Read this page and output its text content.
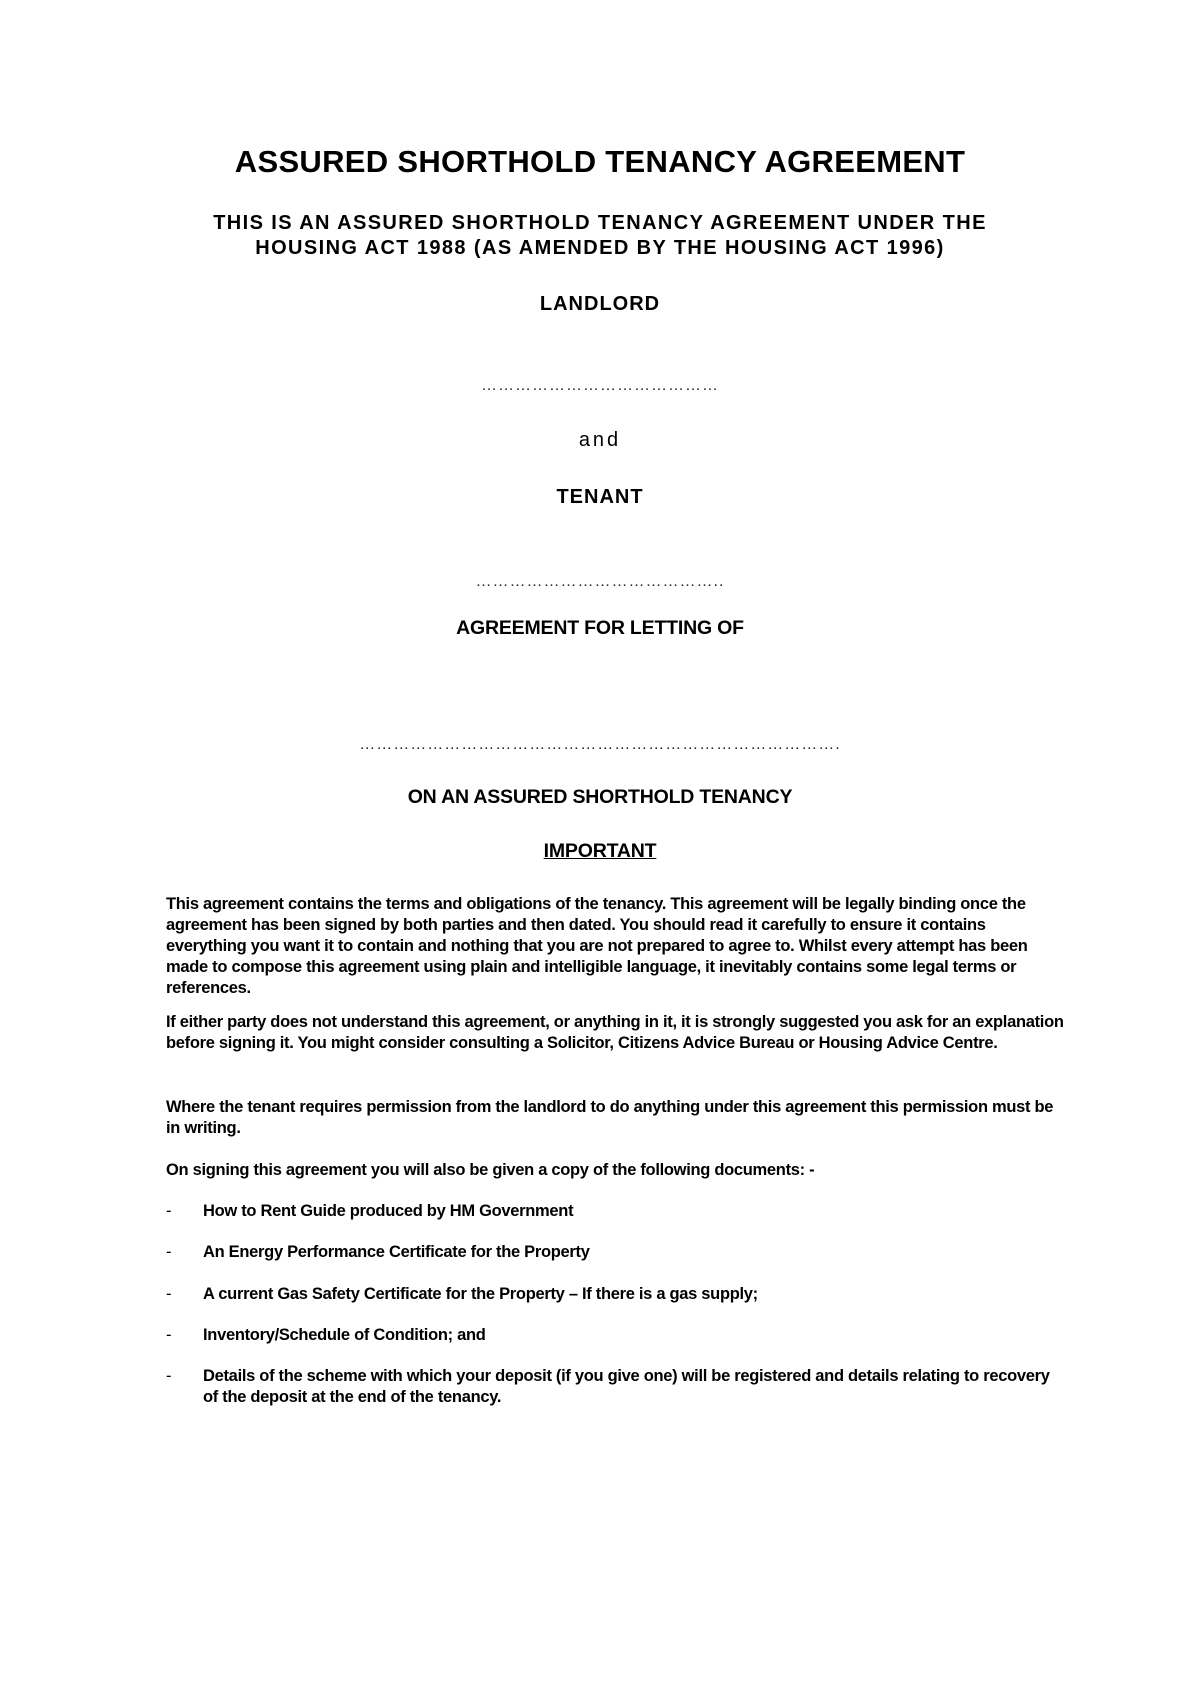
ASSURED SHORTHOLD TENANCY AGREEMENT
THIS IS AN ASSURED SHORTHOLD TENANCY AGREEMENT UNDER THE
HOUSING ACT 1988 (AS AMENDED BY THE HOUSING ACT 1996)
LANDLORD
……………………………………
and
TENANT
……………………………………..
AGREEMENT FOR LETTING OF
………………………………………………………………………….
ON AN ASSURED SHORTHOLD TENANCY
IMPORTANT

This agreement contains the terms and obligations of the tenancy. This agreement will be legally binding once the agreement has been signed by both parties and then dated. You should read it carefully to ensure it contains everything you want it to contain and nothing that you are not prepared to agree to. Whilst every attempt has been made to compose this agreement using plain and intelligible language, it inevitably contains some legal terms or references.

If either party does not understand this agreement, or anything in it, it is strongly suggested you ask for an explanation before signing it. You might consider consulting a Solicitor, Citizens Advice Bureau or Housing Advice Centre.

Where the tenant requires permission from the landlord to do anything under this agreement this permission must be in writing.

On signing this agreement you will also be given a copy of the following documents: -

- How to Rent Guide produced by HM Government
- An Energy Performance Certificate for the Property
- A current Gas Safety Certificate for the Property – If there is a gas supply;
- Inventory/Schedule of Condition; and
- Details of the scheme with which your deposit (if you give one) will be registered and details relating to recovery of the deposit at the end of the tenancy.
